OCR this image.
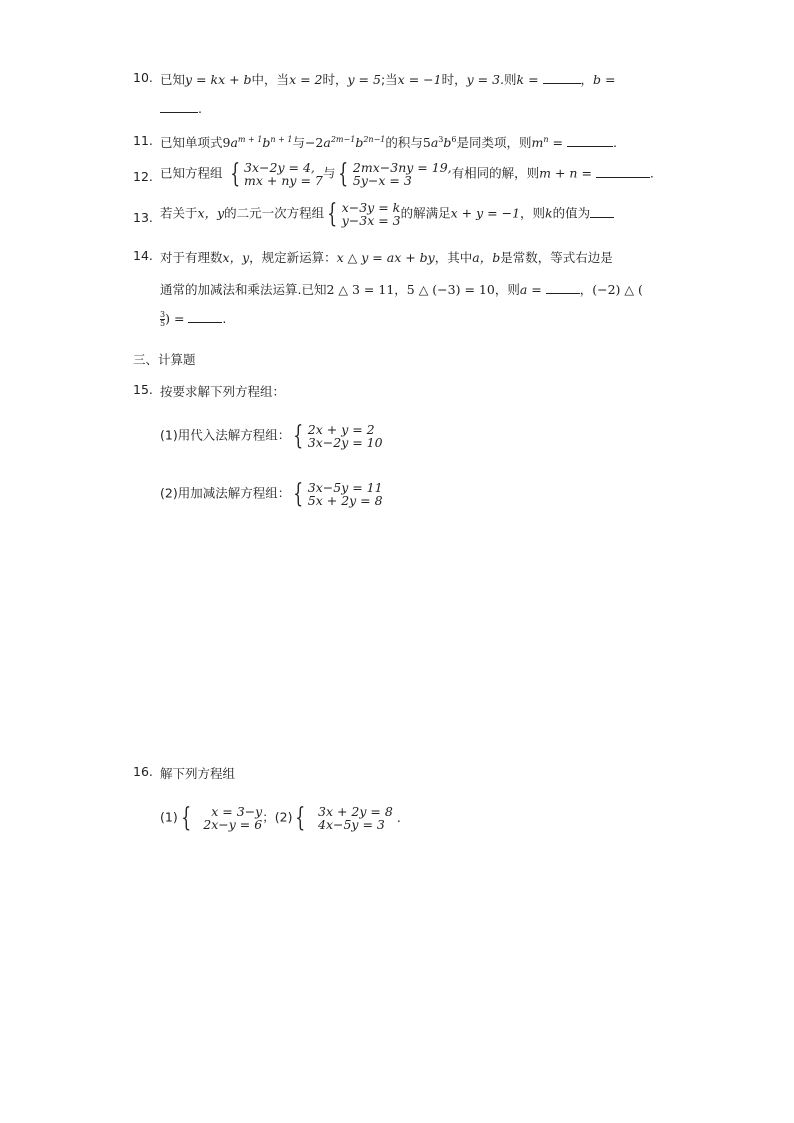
10. 已知y = kx + b中，当x = 2时，y = 5;当x = −1时，y = 3.则k =	，b =
.
11. 已知单项式$9a^{m + 1}b^{n + 1}$与$-2a^{2m-1}b^{2n-1}$的积与$5a^3b^6$是同类项，则$m^n$ =	.
12. 已知方程组 { 3x−2y = 4,
mx + ny = 7 与 { 2mx−3ny = 19,
5y−x = 3	有相同的解，则m + n =	.
13. 若关于x，y的二元一次方程组 { x−3y = k
y−3x = 3 的解满足x + y = −1，则k的值为
14. 对于有理数x，y，规定新运算：x △ y = ax + by，其中a，b是常数，等式右边是
通常的加减法和乘法运算.已知2 △ 3 = 11，5 △ (−3) = 10，则a =	，(−2) △ (
$\frac{3}{5}$ ) =	.
三、计算题
15. 按要求解下列方程组：
(1)用代入法解方程组： { 2x + y = 2
3x−2y = 10
(2)用加减法解方程组： { 3x−5y = 11
5x + 2y = 8
16. 解下列方程组
(1) {	x = 3−y
2x−y = 6 ；(2) { 3x + 2y = 8
4x−5y = 3 .
